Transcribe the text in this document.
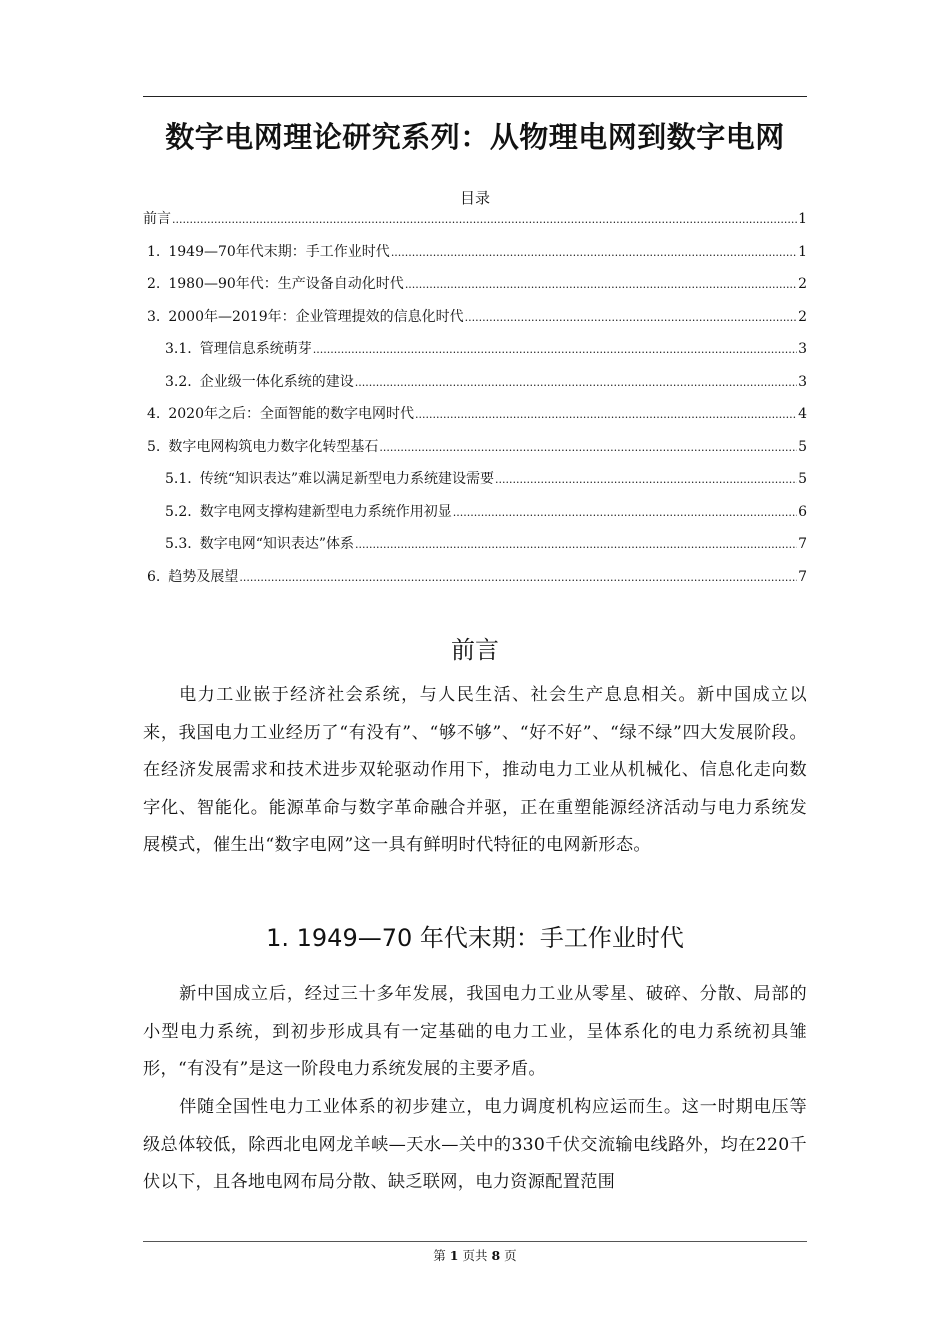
数字电网理论研究系列：从物理电网到数字电网
目录
前言 .....	1
1. 1949—70年代末期：手工作业时代 .....	1
2. 1980—90年代：生产设备自动化时代 .....	2
3. 2000年—2019年：企业管理提效的信息化时代 .....	2
3.1. 管理信息系统萌芽 .....	3
3.2. 企业级一体化系统的建设 .....	3
4. 2020年之后：全面智能的数字电网时代 .....	4
5. 数字电网构筑电力数字化转型基石 .....	5
5.1. 传统“知识表达”难以满足新型电力系统建设需要 .....	5
5.2. 数字电网支撑构建新型电力系统作用初显 .....	6
5.3. 数字电网“知识表达”体系 .....	7
6. 趋势及展望 .....	7
前言

电力工业嵌于经济社会系统，与人民生活、社会生产息息相关。新中国成立以来，我国电力工业经历了“有没有”、“够不够”、“好不好”、“绿不绿”四大发展阶段。在经济发展需求和技术进步双轮驱动作用下，推动电力工业从机械化、信息化走向数字化、智能化。能源革命与数字革命融合并驱，正在重塑能源经济活动与电力系统发展模式，催生出“数字电网”这一具有鲜明时代特征的电网新形态。

1. 1949—70 年代末期：手工作业时代

新中国成立后，经过三十多年发展，我国电力工业从零星、破碎、分散、局部的小型电力系统，到初步形成具有一定基础的电力工业，呈体系化的电力系统初具雏形，“有没有”是这一阶段电力系统发展的主要矛盾。

伴随全国性电力工业体系的初步建立，电力调度机构应运而生。这一时期电压等级总体较低，除西北电网龙羊峡—天水—关中的330千伏交流输电线路外，均在220千伏以下，且各地电网布局分散、缺乏联网，电力资源配置范围

第 1 页共 8 页
